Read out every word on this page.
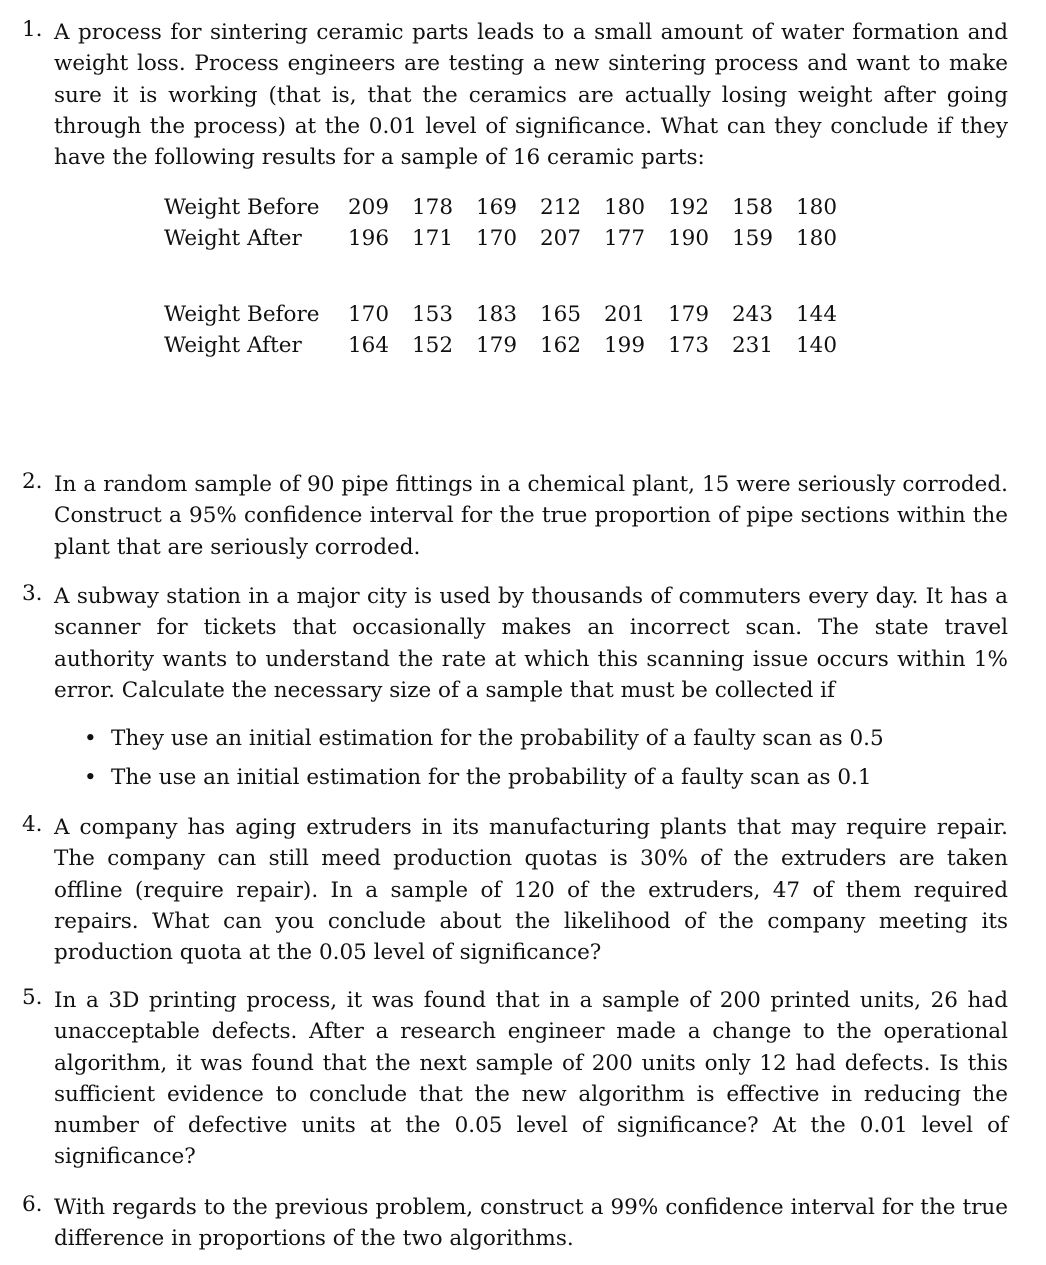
1. A process for sintering ceramic parts leads to a small amount of water formation and weight loss. Process engineers are testing a new sintering process and want to make sure it is working (that is, that the ceramics are actually losing weight after going through the process) at the 0.01 level of significance. What can they conclude if they have the following results for a sample of 16 ceramic parts:
Weight Before	209	178	169	212	180	192	158	180
Weight After	196	171	170	207	177	190	159	180
Weight Before	170	153	183	165	201	179	243	144
Weight After	164	152	179	162	199	173	231	140
2. In a random sample of 90 pipe fittings in a chemical plant, 15 were seriously corroded. Construct a 95% confidence interval for the true proportion of pipe sections within the plant that are seriously corroded.
3. A subway station in a major city is used by thousands of commuters every day. It has a scanner for tickets that occasionally makes an incorrect scan. The state travel authority wants to understand the rate at which this scanning issue occurs within 1% error. Calculate the necessary size of a sample that must be collected if
• They use an initial estimation for the probability of a faulty scan as 0.5
• The use an initial estimation for the probability of a faulty scan as 0.1
4. A company has aging extruders in its manufacturing plants that may require repair. The company can still meed production quotas is 30% of the extruders are taken offline (require repair). In a sample of 120 of the extruders, 47 of them required repairs. What can you conclude about the likelihood of the company meeting its production quota at the 0.05 level of significance?
5. In a 3D printing process, it was found that in a sample of 200 printed units, 26 had unacceptable defects. After a research engineer made a change to the operational algorithm, it was found that the next sample of 200 units only 12 had defects. Is this sufficient evidence to conclude that the new algorithm is effective in reducing the number of defective units at the 0.05 level of significance? At the 0.01 level of significance?
6. With regards to the previous problem, construct a 99% confidence interval for the true difference in proportions of the two algorithms.
